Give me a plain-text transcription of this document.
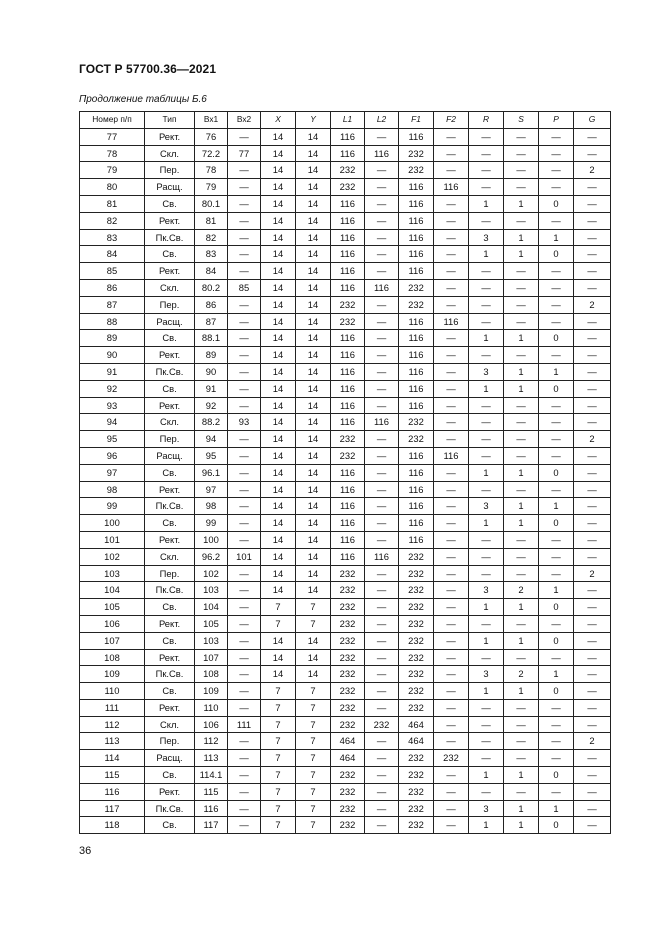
ГОСТ Р 57700.36—2021
Продолжение таблицы Б.6
Номер п/п	Тип	Вх1	Вх2	X	Y	L1	L2	F1	F2	R	S	P	G
77	Рект.	76	—	14	14	116	—	116	—	—	—	—	—
78	Скл.	72.2	77	14	14	116	116	232	—	—	—	—	—
79	Пер.	78	—	14	14	232	—	232	—	—	—	—	2
80	Расщ.	79	—	14	14	232	—	116	116	—	—	—	—
81	Св.	80.1	—	14	14	116	—	116	—	1	1	0	—
82	Рект.	81	—	14	14	116	—	116	—	—	—	—	—
83	Пк.Св.	82	—	14	14	116	—	116	—	3	1	1	—
84	Св.	83	—	14	14	116	—	116	—	1	1	0	—
85	Рект.	84	—	14	14	116	—	116	—	—	—	—	—
86	Скл.	80.2	85	14	14	116	116	232	—	—	—	—	—
87	Пер.	86	—	14	14	232	—	232	—	—	—	—	2
88	Расщ.	87	—	14	14	232	—	116	116	—	—	—	—
89	Св.	88.1	—	14	14	116	—	116	—	1	1	0	—
90	Рект.	89	—	14	14	116	—	116	—	—	—	—	—
91	Пк.Св.	90	—	14	14	116	—	116	—	3	1	1	—
92	Св.	91	—	14	14	116	—	116	—	1	1	0	—
93	Рект.	92	—	14	14	116	—	116	—	—	—	—	—
94	Скл.	88.2	93	14	14	116	116	232	—	—	—	—	—
95	Пер.	94	—	14	14	232	—	232	—	—	—	—	2
96	Расщ.	95	—	14	14	232	—	116	116	—	—	—	—
97	Св.	96.1	—	14	14	116	—	116	—	1	1	0	—
98	Рект.	97	—	14	14	116	—	116	—	—	—	—	—
99	Пк.Св.	98	—	14	14	116	—	116	—	3	1	1	—
100	Св.	99	—	14	14	116	—	116	—	1	1	0	—
101	Рект.	100	—	14	14	116	—	116	—	—	—	—	—
102	Скл.	96.2	101	14	14	116	116	232	—	—	—	—	—
103	Пер.	102	—	14	14	232	—	232	—	—	—	—	2
104	Пк.Св.	103	—	14	14	232	—	232	—	3	2	1	—
105	Св.	104	—	7	7	232	—	232	—	1	1	0	—
106	Рект.	105	—	7	7	232	—	232	—	—	—	—	—
107	Св.	103	—	14	14	232	—	232	—	1	1	0	—
108	Рект.	107	—	14	14	232	—	232	—	—	—	—	—
109	Пк.Св.	108	—	14	14	232	—	232	—	3	2	1	—
110	Св.	109	—	7	7	232	—	232	—	1	1	0	—
111	Рект.	110	—	7	7	232	—	232	—	—	—	—	—
112	Скл.	106	111	7	7	232	232	464	—	—	—	—	—
113	Пер.	112	—	7	7	464	—	464	—	—	—	—	2
114	Расщ.	113	—	7	7	464	—	232	232	—	—	—	—
115	Св.	114.1	—	7	7	232	—	232	—	1	1	0	—
116	Рект.	115	—	7	7	232	—	232	—	—	—	—	—
117	Пк.Св.	116	—	7	7	232	—	232	—	3	1	1	—
118	Св.	117	—	7	7	232	—	232	—	1	1	0	—
36
